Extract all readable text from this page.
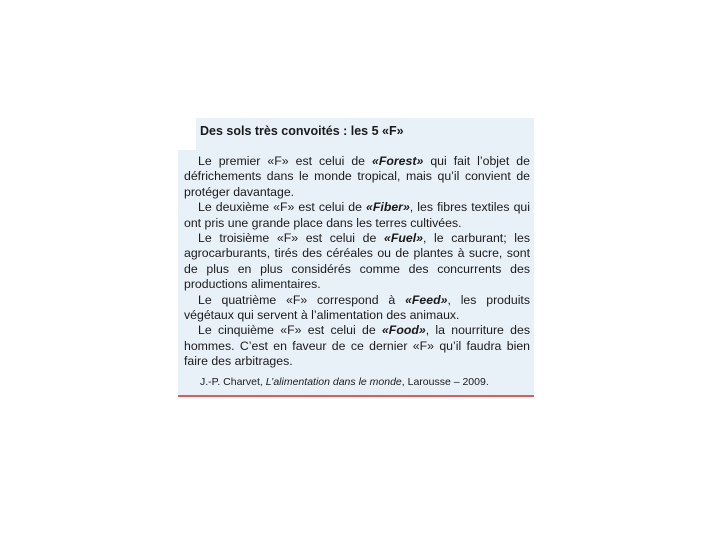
Des sols très convoités : les 5 «F»

Le premier «F» est celui de «Forest» qui fait l’objet de défrichements dans le monde tropical, mais qu’il convient de protéger davantage.

Le deuxième «F» est celui de «Fiber», les fibres textiles qui ont pris une grande place dans les terres cultivées.

Le troisième «F» est celui de «Fuel», le carburant; les agrocarburants, tirés des céréales ou de plantes à sucre, sont de plus en plus considérés comme des concurrents des productions alimentaires.

Le quatrième «F» correspond à «Feed», les produits végétaux qui servent à l’alimentation des animaux.

Le cinquième «F» est celui de «Food», la nourriture des hommes. C’est en faveur de ce dernier «F» qu’il faudra bien faire des arbitrages.

J.-P. Charvet, L’alimentation dans le monde, Larousse – 2009.
